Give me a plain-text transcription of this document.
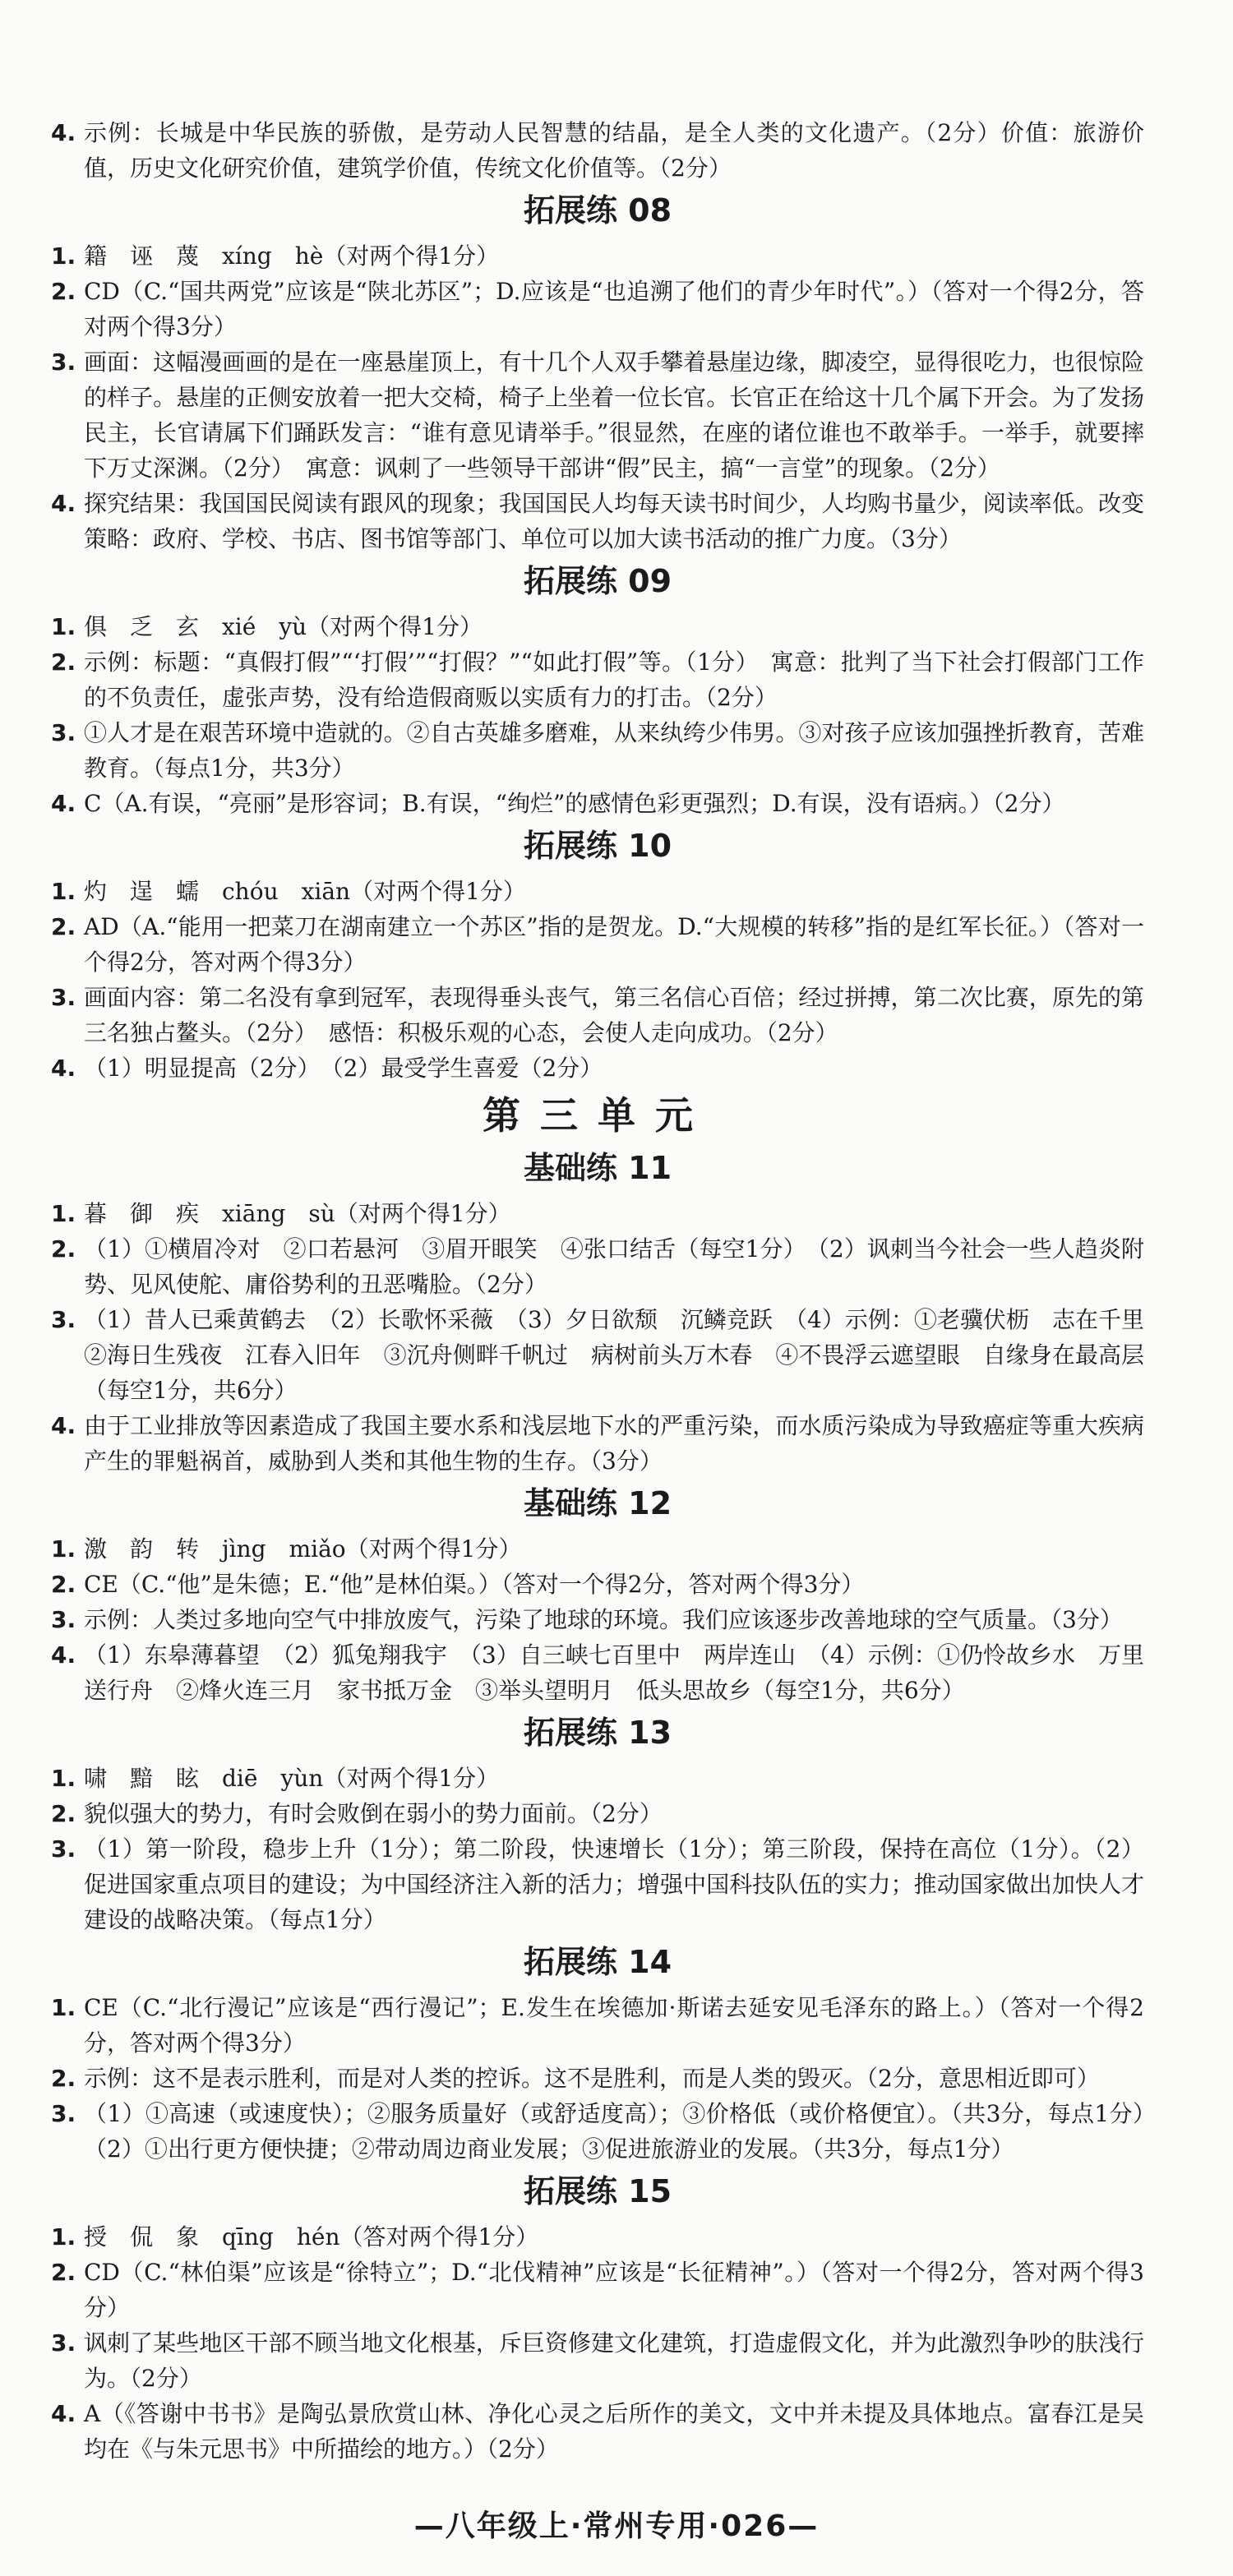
4. 示例：长城是中华民族的骄傲，是劳动人民智慧的结晶，是全人类的文化遗产。（2分）价值：旅游价值，历史文化研究价值，建筑学价值，传统文化价值等。（2分）
拓展练 08
1. 籍　诬　蔑　xíng　hè（对两个得1分）
2. CD（C.“国共两党”应该是“陕北苏区”；D.应该是“也追溯了他们的青少年时代”。）（答对一个得2分，答对两个得3分）
3. 画面：这幅漫画画的是在一座悬崖顶上，有十几个人双手攀着悬崖边缘，脚凌空，显得很吃力，也很惊险的样子。悬崖的正侧安放着一把大交椅，椅子上坐着一位长官。长官正在给这十几个属下开会。为了发扬民主，长官请属下们踊跃发言：“谁有意见请举手。”很显然，在座的诸位谁也不敢举手。一举手，就要摔下万丈深渊。（2分）　寓意：讽刺了一些领导干部讲“假”民主，搞“一言堂”的现象。（2分）
4. 探究结果：我国国民阅读有跟风的现象；我国国民人均每天读书时间少，人均购书量少，阅读率低。改变策略：政府、学校、书店、图书馆等部门、单位可以加大读书活动的推广力度。（3分）
拓展练 09
1. 俱　乏　玄　xié　yù（对两个得1分）
2. 示例：标题：“真假打假”“‘打假’”“打假？”“如此打假”等。（1分）　寓意：批判了当下社会打假部门工作的不负责任，虚张声势，没有给造假商贩以实质有力的打击。（2分）
3. ①人才是在艰苦环境中造就的。②自古英雄多磨难，从来纨绔少伟男。③对孩子应该加强挫折教育，苦难教育。（每点1分，共3分）
4. C（A.有误，“亮丽”是形容词；B.有误，“绚烂”的感情色彩更强烈；D.有误，没有语病。）（2分）
拓展练 10
1. 灼　逞　蠕　chóu　xiān（对两个得1分）
2. AD（A.“能用一把菜刀在湖南建立一个苏区”指的是贺龙。D.“大规模的转移”指的是红军长征。）（答对一个得2分，答对两个得3分）
3. 画面内容：第二名没有拿到冠军，表现得垂头丧气，第三名信心百倍；经过拼搏，第二次比赛，原先的第三名独占鳌头。（2分）　感悟：积极乐观的心态，会使人走向成功。（2分）
4. （1）明显提高（2分）　（2）最受学生喜爱（2分）
第三单元
基础练 11
1. 暮　御　疾　xiāng　sù（对两个得1分）
2. （1）①横眉冷对　②口若悬河　③眉开眼笑　④张口结舌（每空1分）　（2）讽刺当今社会一些人趋炎附势、见风使舵、庸俗势利的丑恶嘴脸。（2分）
3. （1）昔人已乘黄鹤去　（2）长歌怀采薇　（3）夕日欲颓　沉鳞竞跃　（4）示例：①老骥伏枥　志在千里　②海日生残夜　江春入旧年　③沉舟侧畔千帆过　病树前头万木春　④不畏浮云遮望眼　自缘身在最高层（每空1分，共6分）
4. 由于工业排放等因素造成了我国主要水系和浅层地下水的严重污染，而水质污染成为导致癌症等重大疾病产生的罪魁祸首，威胁到人类和其他生物的生存。（3分）
基础练 12
1. 激　韵　转　jìng　miǎo（对两个得1分）
2. CE（C.“他”是朱德；E.“他”是林伯渠。）（答对一个得2分，答对两个得3分）
3. 示例：人类过多地向空气中排放废气，污染了地球的环境。我们应该逐步改善地球的空气质量。（3分）
4. （1）东皋薄暮望　（2）狐兔翔我宇　（3）自三峡七百里中　两岸连山　（4）示例：①仍怜故乡水　万里送行舟　②烽火连三月　家书抵万金　③举头望明月　低头思故乡（每空1分，共6分）
拓展练 13
1. 啸　黯　眩　diē　yùn（对两个得1分）
2. 貌似强大的势力，有时会败倒在弱小的势力面前。（2分）
3. （1）第一阶段，稳步上升（1分）；第二阶段，快速增长（1分）；第三阶段，保持在高位（1分）。（2）促进国家重点项目的建设；为中国经济注入新的活力；增强中国科技队伍的实力；推动国家做出加快人才建设的战略决策。（每点1分）
拓展练 14
1. CE（C.“北行漫记”应该是“西行漫记”；E.发生在埃德加·斯诺去延安见毛泽东的路上。）（答对一个得2分，答对两个得3分）
2. 示例：这不是表示胜利，而是对人类的控诉。这不是胜利，而是人类的毁灭。（2分，意思相近即可）
3. （1）①高速（或速度快）；②服务质量好（或舒适度高）；③价格低（或价格便宜）。（共3分，每点1分）　（2）①出行更方便快捷；②带动周边商业发展；③促进旅游业的发展。（共3分，每点1分）
拓展练 15
1. 授　侃　象　qīng　hén（答对两个得1分）
2. CD（C.“林伯渠”应该是“徐特立”；D.“北伐精神”应该是“长征精神”。）（答对一个得2分，答对两个得3分）
3. 讽刺了某些地区干部不顾当地文化根基，斥巨资修建文化建筑，打造虚假文化，并为此激烈争吵的肤浅行为。（2分）
4. A（《答谢中书书》是陶弘景欣赏山林、净化心灵之后所作的美文，文中并未提及具体地点。富春江是吴均在《与朱元思书》中所描绘的地方。）（2分）
—八年级上·常州专用·026—
